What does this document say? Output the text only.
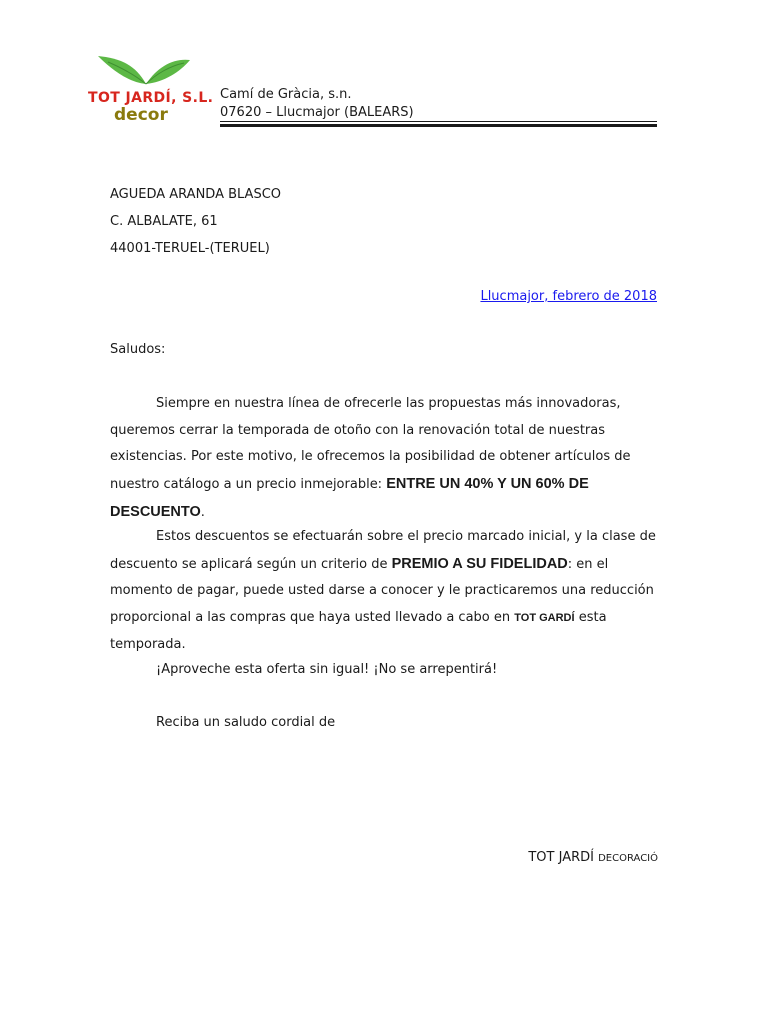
TOT JARDÍ, S.L.
decor
Camí de Gràcia, s.n.
07620 – Llucmajor (BALEARS)
AGUEDA ARANDA BLASCO
C. ALBALATE, 61
44001-TERUEL-(TERUEL)
Llucmajor, febrero de 2018
Saludos:
Siempre en nuestra línea de ofrecerle las propuestas más innovadoras, queremos cerrar la temporada de otoño con la renovación total de nuestras existencias. Por este motivo, le ofrecemos la posibilidad de obtener artículos de nuestro catálogo a un precio inmejorable: ENTRE UN 40% Y UN 60% DE DESCUENTO.
Estos descuentos se efectuarán sobre el precio marcado inicial, y la clase de descuento se aplicará según un criterio de PREMIO A SU FIDELIDAD: en el momento de pagar, puede usted darse a conocer y le practicaremos una reducción proporcional a las compras que haya usted llevado a cabo en TOT GARDÍ esta temporada.
¡Aproveche esta oferta sin igual! ¡No se arrepentirá!
Reciba un saludo cordial de
TOT JARDÍ DECORACIÓ
